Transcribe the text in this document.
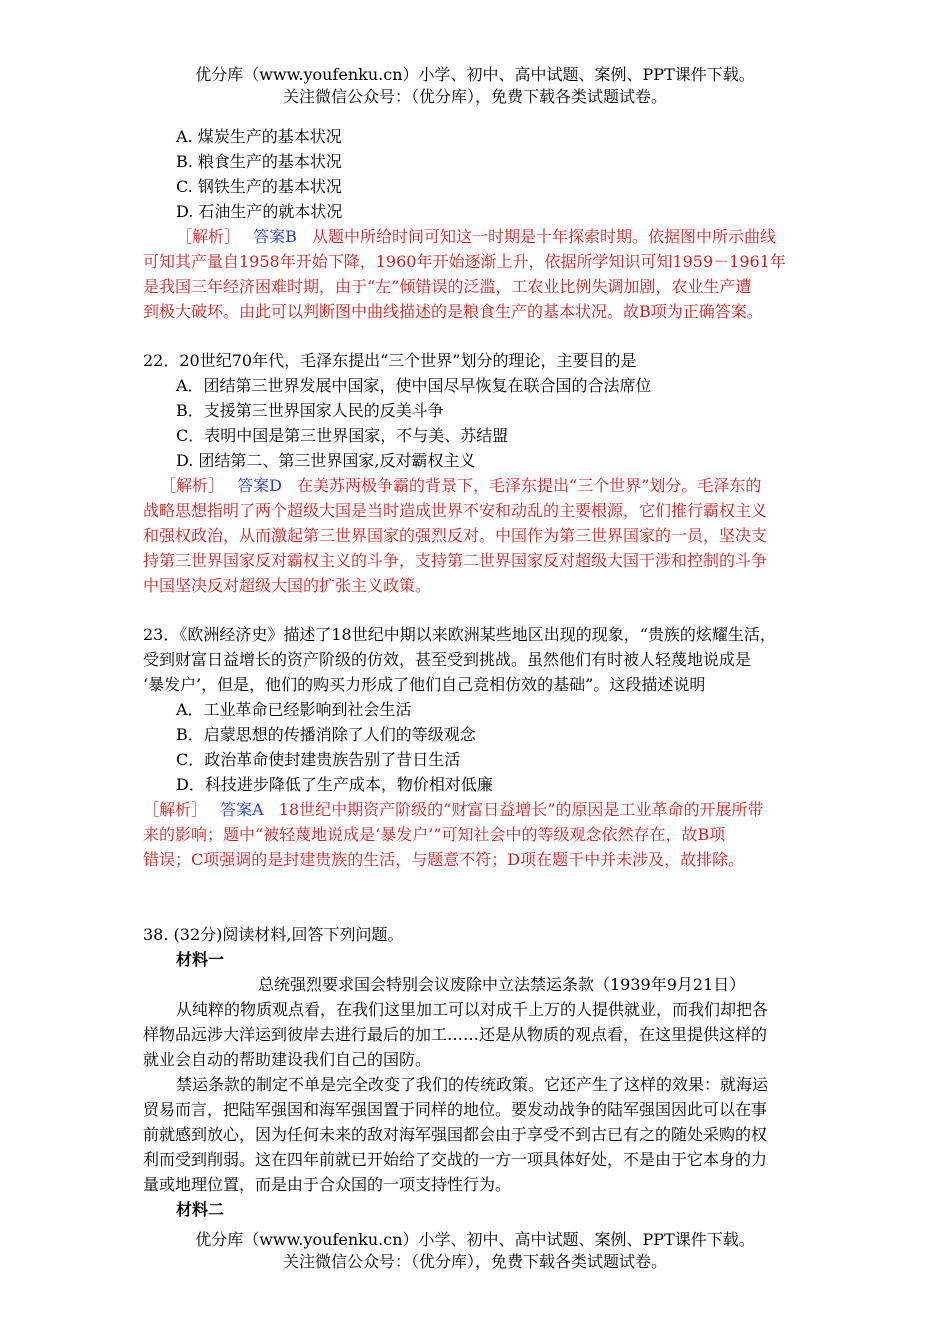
优分库（www.youfenku.cn）小学、初中、高中试题、案例、PPT课件下载。
关注微信公众号：（优分库），免费下载各类试题试卷。
A. 煤炭生产的基本状况
B. 粮食生产的基本状况
C. 钢铁生产的基本状况
D. 石油生产的就本状况
［解析］ 答案B 从题中所给时间可知这一时期是十年探索时期。依据图中所示曲线
可知其产量自1958年开始下降，1960年开始逐渐上升，依据所学知识可知1959－1961年
是我国三年经济困难时期，由于“左”倾错误的泛滥，工农业比例失调加剧，农业生产遭
到极大破坏。由此可以判断图中曲线描述的是粮食生产的基本状况。故B项为正确答案。
22．20世纪70年代，毛泽东提出“三个世界”划分的理论，主要目的是
A．团结第三世界发展中国家，使中国尽早恢复在联合国的合法席位
B．支援第三世界国家人民的反美斗争
C．表明中国是第三世界国家，不与美、苏结盟
D. 团结第二、第三世界国家,反对霸权主义
［解析］ 答案D 在美苏两极争霸的背景下，毛泽东提出“三个世界”划分。毛泽东的
战略思想指明了两个超级大国是当时造成世界不安和动乱的主要根源，它们推行霸权主义
和强权政治，从而激起第三世界国家的强烈反对。中国作为第三世界国家的一员，坚决支
持第三世界国家反对霸权主义的斗争，支持第二世界国家反对超级大国干涉和控制的斗争
中国坚决反对超级大国的扩张主义政策。
23．《欧洲经济史》描述了18世纪中期以来欧洲某些地区出现的现象，“贵族的炫耀生活，
受到财富日益增长的资产阶级的仿效，甚至受到挑战。虽然他们有时被人轻蔑地说成是
‘暴发户’，但是，他们的购买力形成了他们自己竞相仿效的基础”。这段描述说明
A．工业革命已经影响到社会生活
B．启蒙思想的传播消除了人们的等级观念
C．政治革命使封建贵族告别了昔日生活
D．科技进步降低了生产成本，物价相对低廉
［解析］ 答案A 18世纪中期资产阶级的“财富日益增长”的原因是工业革命的开展所带
来的影响；题中“被轻蔑地说成是‘暴发户’”可知社会中的等级观念依然存在，故B项
错误；C项强调的是封建贵族的生活，与题意不符；D项在题干中并未涉及，故排除。
38. (32分)阅读材料,回答下列问题。
材料一
总统强烈要求国会特别会议废除中立法禁运条款（1939年9月21日）
从纯粹的物质观点看，在我们这里加工可以对成千上万的人提供就业，而我们却把各
样物品远涉大洋运到彼岸去进行最后的加工……还是从物质的观点看，在这里提供这样的
就业会自动的帮助建设我们自己的国防。
禁运条款的制定不单是完全改变了我们的传统政策。它还产生了这样的效果：就海运
贸易而言，把陆军强国和海军强国置于同样的地位。要发动战争的陆军强国因此可以在事
前就感到放心，因为任何未来的敌对海军强国都会由于享受不到古已有之的随处采购的权
利而受到削弱。这在四年前就已开始给了交战的一方一项具体好处，不是由于它本身的力
量或地理位置，而是由于合众国的一项支持性行为。
材料二
优分库（www.youfenku.cn）小学、初中、高中试题、案例、PPT课件下载。
关注微信公众号：（优分库），免费下载各类试题试卷。
